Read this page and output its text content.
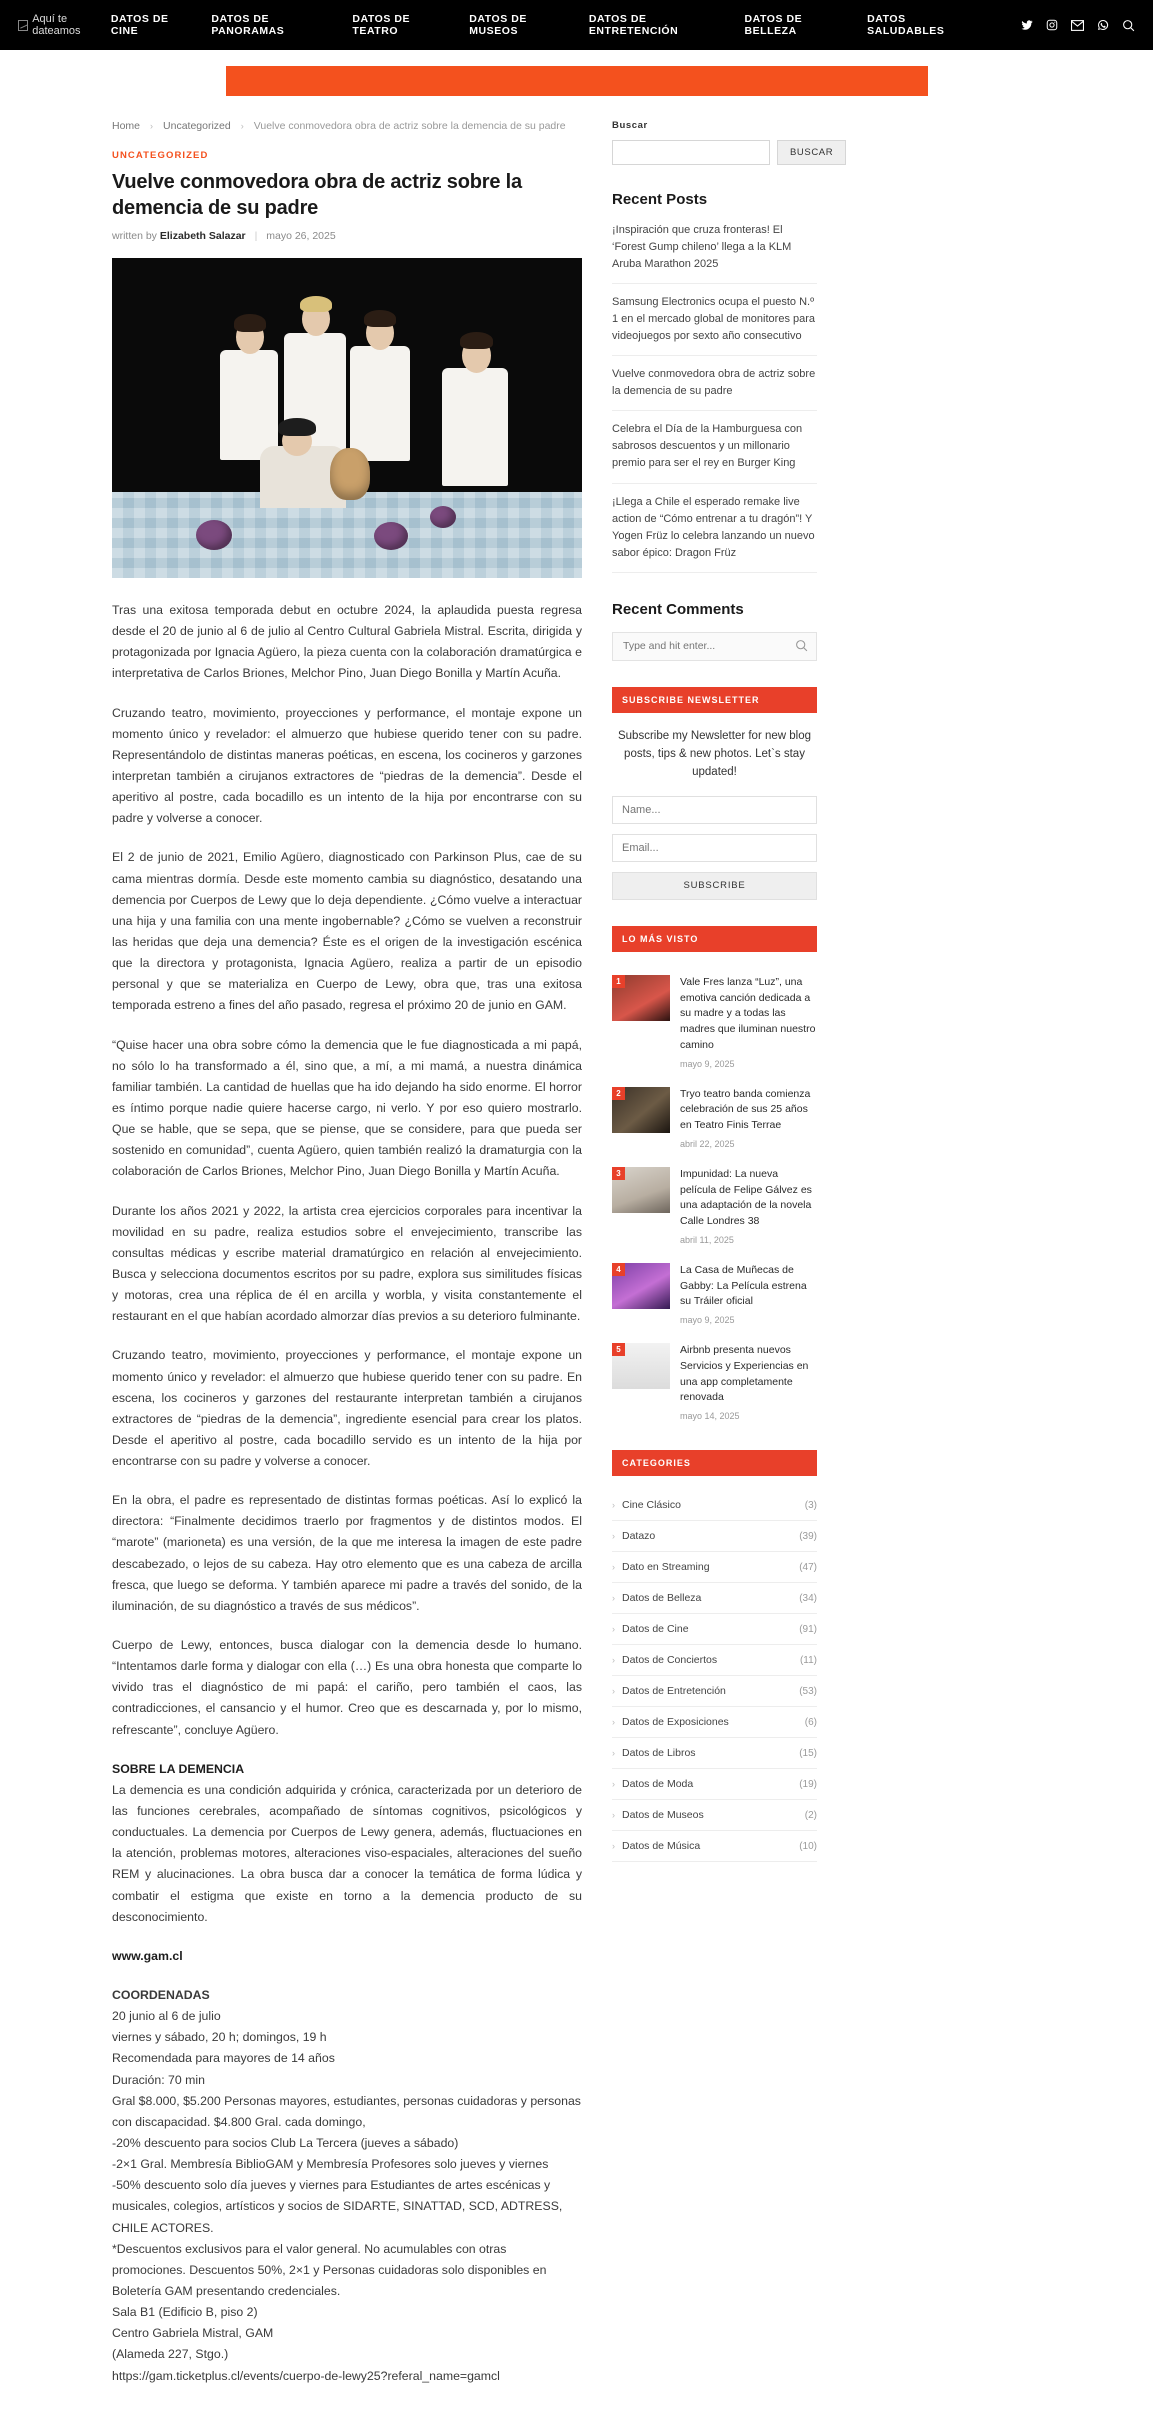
Aquí te dateamos
DATOS DE CINE
DATOS DE PANORAMAS
DATOS DE TEATRO
DATOS DE MUSEOS
DATOS DE ENTRETENCIÓN
DATOS DE BELLEZA
DATOS SALUDABLES
Home › Uncategorized › Vuelve conmovedora obra de actriz sobre la demencia de su padre
UNCATEGORIZED
Vuelve conmovedora obra de actriz sobre la demencia de su padre
written by Elizabeth Salazar | mayo 26, 2025

Tras una exitosa temporada debut en octubre 2024, la aplaudida puesta regresa desde el 20 de junio al 6 de julio al Centro Cultural Gabriela Mistral. Escrita, dirigida y protagonizada por Ignacia Agüero, la pieza cuenta con la colaboración dramatúrgica e interpretativa de Carlos Briones, Melchor Pino, Juan Diego Bonilla y Martín Acuña.

Cruzando teatro, movimiento, proyecciones y performance, el montaje expone un momento único y revelador: el almuerzo que hubiese querido tener con su padre. Representándolo de distintas maneras poéticas, en escena, los cocineros y garzones interpretan también a cirujanos extractores de “piedras de la demencia”. Desde el aperitivo al postre, cada bocadillo es un intento de la hija por encontrarse con su padre y volverse a conocer.

El 2 de junio de 2021, Emilio Agüero, diagnosticado con Parkinson Plus, cae de su cama mientras dormía. Desde este momento cambia su diagnóstico, desatando una demencia por Cuerpos de Lewy que lo deja dependiente. ¿Cómo vuelve a interactuar una hija y una familia con una mente ingobernable? ¿Cómo se vuelven a reconstruir las heridas que deja una demencia? Éste es el origen de la investigación escénica que la directora y protagonista, Ignacia Agüero, realiza a partir de un episodio personal y que se materializa en Cuerpo de Lewy, obra que, tras una exitosa temporada estreno a fines del año pasado, regresa el próximo 20 de junio en GAM.

“Quise hacer una obra sobre cómo la demencia que le fue diagnosticada a mi papá, no sólo lo ha transformado a él, sino que, a mí, a mi mamá, a nuestra dinámica familiar también. La cantidad de huellas que ha ido dejando ha sido enorme. El horror es íntimo porque nadie quiere hacerse cargo, ni verlo. Y por eso quiero mostrarlo. Que se hable, que se sepa, que se piense, que se considere, para que pueda ser sostenido en comunidad”, cuenta Agüero, quien también realizó la dramaturgia con la colaboración de Carlos Briones, Melchor Pino, Juan Diego Bonilla y Martín Acuña.

Durante los años 2021 y 2022, la artista crea ejercicios corporales para incentivar la movilidad en su padre, realiza estudios sobre el envejecimiento, transcribe las consultas médicas y escribe material dramatúrgico en relación al envejecimiento. Busca y selecciona documentos escritos por su padre, explora sus similitudes físicas y motoras, crea una réplica de él en arcilla y worbla, y visita constantemente el restaurant en el que habían acordado almorzar días previos a su deterioro fulminante.

Cruzando teatro, movimiento, proyecciones y performance, el montaje expone un momento único y revelador: el almuerzo que hubiese querido tener con su padre. En escena, los cocineros y garzones del restaurante interpretan también a cirujanos extractores de “piedras de la demencia”, ingrediente esencial para crear los platos. Desde el aperitivo al postre, cada bocadillo servido es un intento de la hija por encontrarse con su padre y volverse a conocer.

En la obra, el padre es representado de distintas formas poéticas. Así lo explicó la directora: “Finalmente decidimos traerlo por fragmentos y de distintos modos. El “marote” (marioneta) es una versión, de la que me interesa la imagen de este padre descabezado, o lejos de su cabeza. Hay otro elemento que es una cabeza de arcilla fresca, que luego se deforma. Y también aparece mi padre a través del sonido, de la iluminación, de su diagnóstico a través de sus médicos”.

Cuerpo de Lewy, entonces, busca dialogar con la demencia desde lo humano. “Intentamos darle forma y dialogar con ella (…) Es una obra honesta que comparte lo vivido tras el diagnóstico de mi papá: el cariño, pero también el caos, las contradicciones, el cansancio y el humor. Creo que es descarnada y, por lo mismo, refrescante”, concluye Agüero.

SOBRE LA DEMENCIA

La demencia es una condición adquirida y crónica, caracterizada por un deterioro de las funciones cerebrales, acompañado de síntomas cognitivos, psicológicos y conductuales. La demencia por Cuerpos de Lewy genera, además, fluctuaciones en la atención, problemas motores, alteraciones viso-espaciales, alteraciones del sueño REM y alucinaciones. La obra busca dar a conocer la temática de forma lúdica y combatir el estigma que existe en torno a la demencia producto de su desconocimiento.

www.gam.cl

COORDENADAS
20 junio al 6 de julio
viernes y sábado, 20 h; domingos, 19 h
Recomendada para mayores de 14 años
Duración: 70 min
Gral $8.000, $5.200 Personas mayores, estudiantes, personas cuidadoras y personas con discapacidad. $4.800 Gral. cada domingo,
-20% descuento para socios Club La Tercera (jueves a sábado)
-2×1 Gral. Membresía BiblioGAM y Membresía Profesores solo jueves y viernes
-50% descuento solo día jueves y viernes para Estudiantes de artes escénicas y musicales, colegios, artísticos y socios de SIDARTE, SINATTAD, SCD, ADTRESS, CHILE ACTORES.
*Descuentos exclusivos para el valor general. No acumulables con otras promociones. Descuentos 50%, 2×1 y Personas cuidadoras solo disponibles en Boletería GAM presentando credenciales.
Sala B1 (Edificio B, piso 2)
Centro Gabriela Mistral, GAM
(Alameda 227, Stgo.)
https://gam.ticketplus.cl/events/cuerpo-de-lewy25?referal_name=gamcl
Buscar
BUSCAR
Recent Posts
¡Inspiración que cruza fronteras! El ‘Forest Gump chileno’ llega a la KLM Aruba Marathon 2025
Samsung Electronics ocupa el puesto N.º 1 en el mercado global de monitores para videojuegos por sexto año consecutivo
Vuelve conmovedora obra de actriz sobre la demencia de su padre
Celebra el Día de la Hamburguesa con sabrosos descuentos y un millonario premio para ser el rey en Burger King
¡Llega a Chile el esperado remake live action de “Cómo entrenar a tu dragón”! Y Yogen Früz lo celebra lanzando un nuevo sabor épico: Dragon Früz
Recent Comments
Type and hit enter...
SUBSCRIBE NEWSLETTER
Subscribe my Newsletter for new blog posts, tips & new photos. Let`s stay updated!
Name... Email... SUBSCRIBE
LO MÁS VISTO
1	Vale Fres lanza “Luz”, una emotiva canción dedicada a su madre y a todas las madres que iluminan nuestro camino
mayo 9, 2025
2	Tryo teatro banda comienza celebración de sus 25 años en Teatro Finis Terrae
abril 22, 2025
3	Impunidad: La nueva película de Felipe Gálvez es una adaptación de la novela Calle Londres 38
abril 11, 2025
4	La Casa de Muñecas de Gabby: La Película estrena su Tráiler oficial
mayo 9, 2025
5	Airbnb presenta nuevos Servicios y Experiencias en una app completamente renovada
mayo 14, 2025
CATEGORIES
› Cine Clásico	(3)
› Datazo	(39)
› Dato en Streaming	(47)
› Datos de Belleza	(34)
› Datos de Cine	(91)
› Datos de Conciertos	(11)
› Datos de Entretención	(53)
› Datos de Exposiciones	(6)
› Datos de Libros	(15)
› Datos de Moda	(19)
› Datos de Museos	(2)
› Datos de Música	(10)
